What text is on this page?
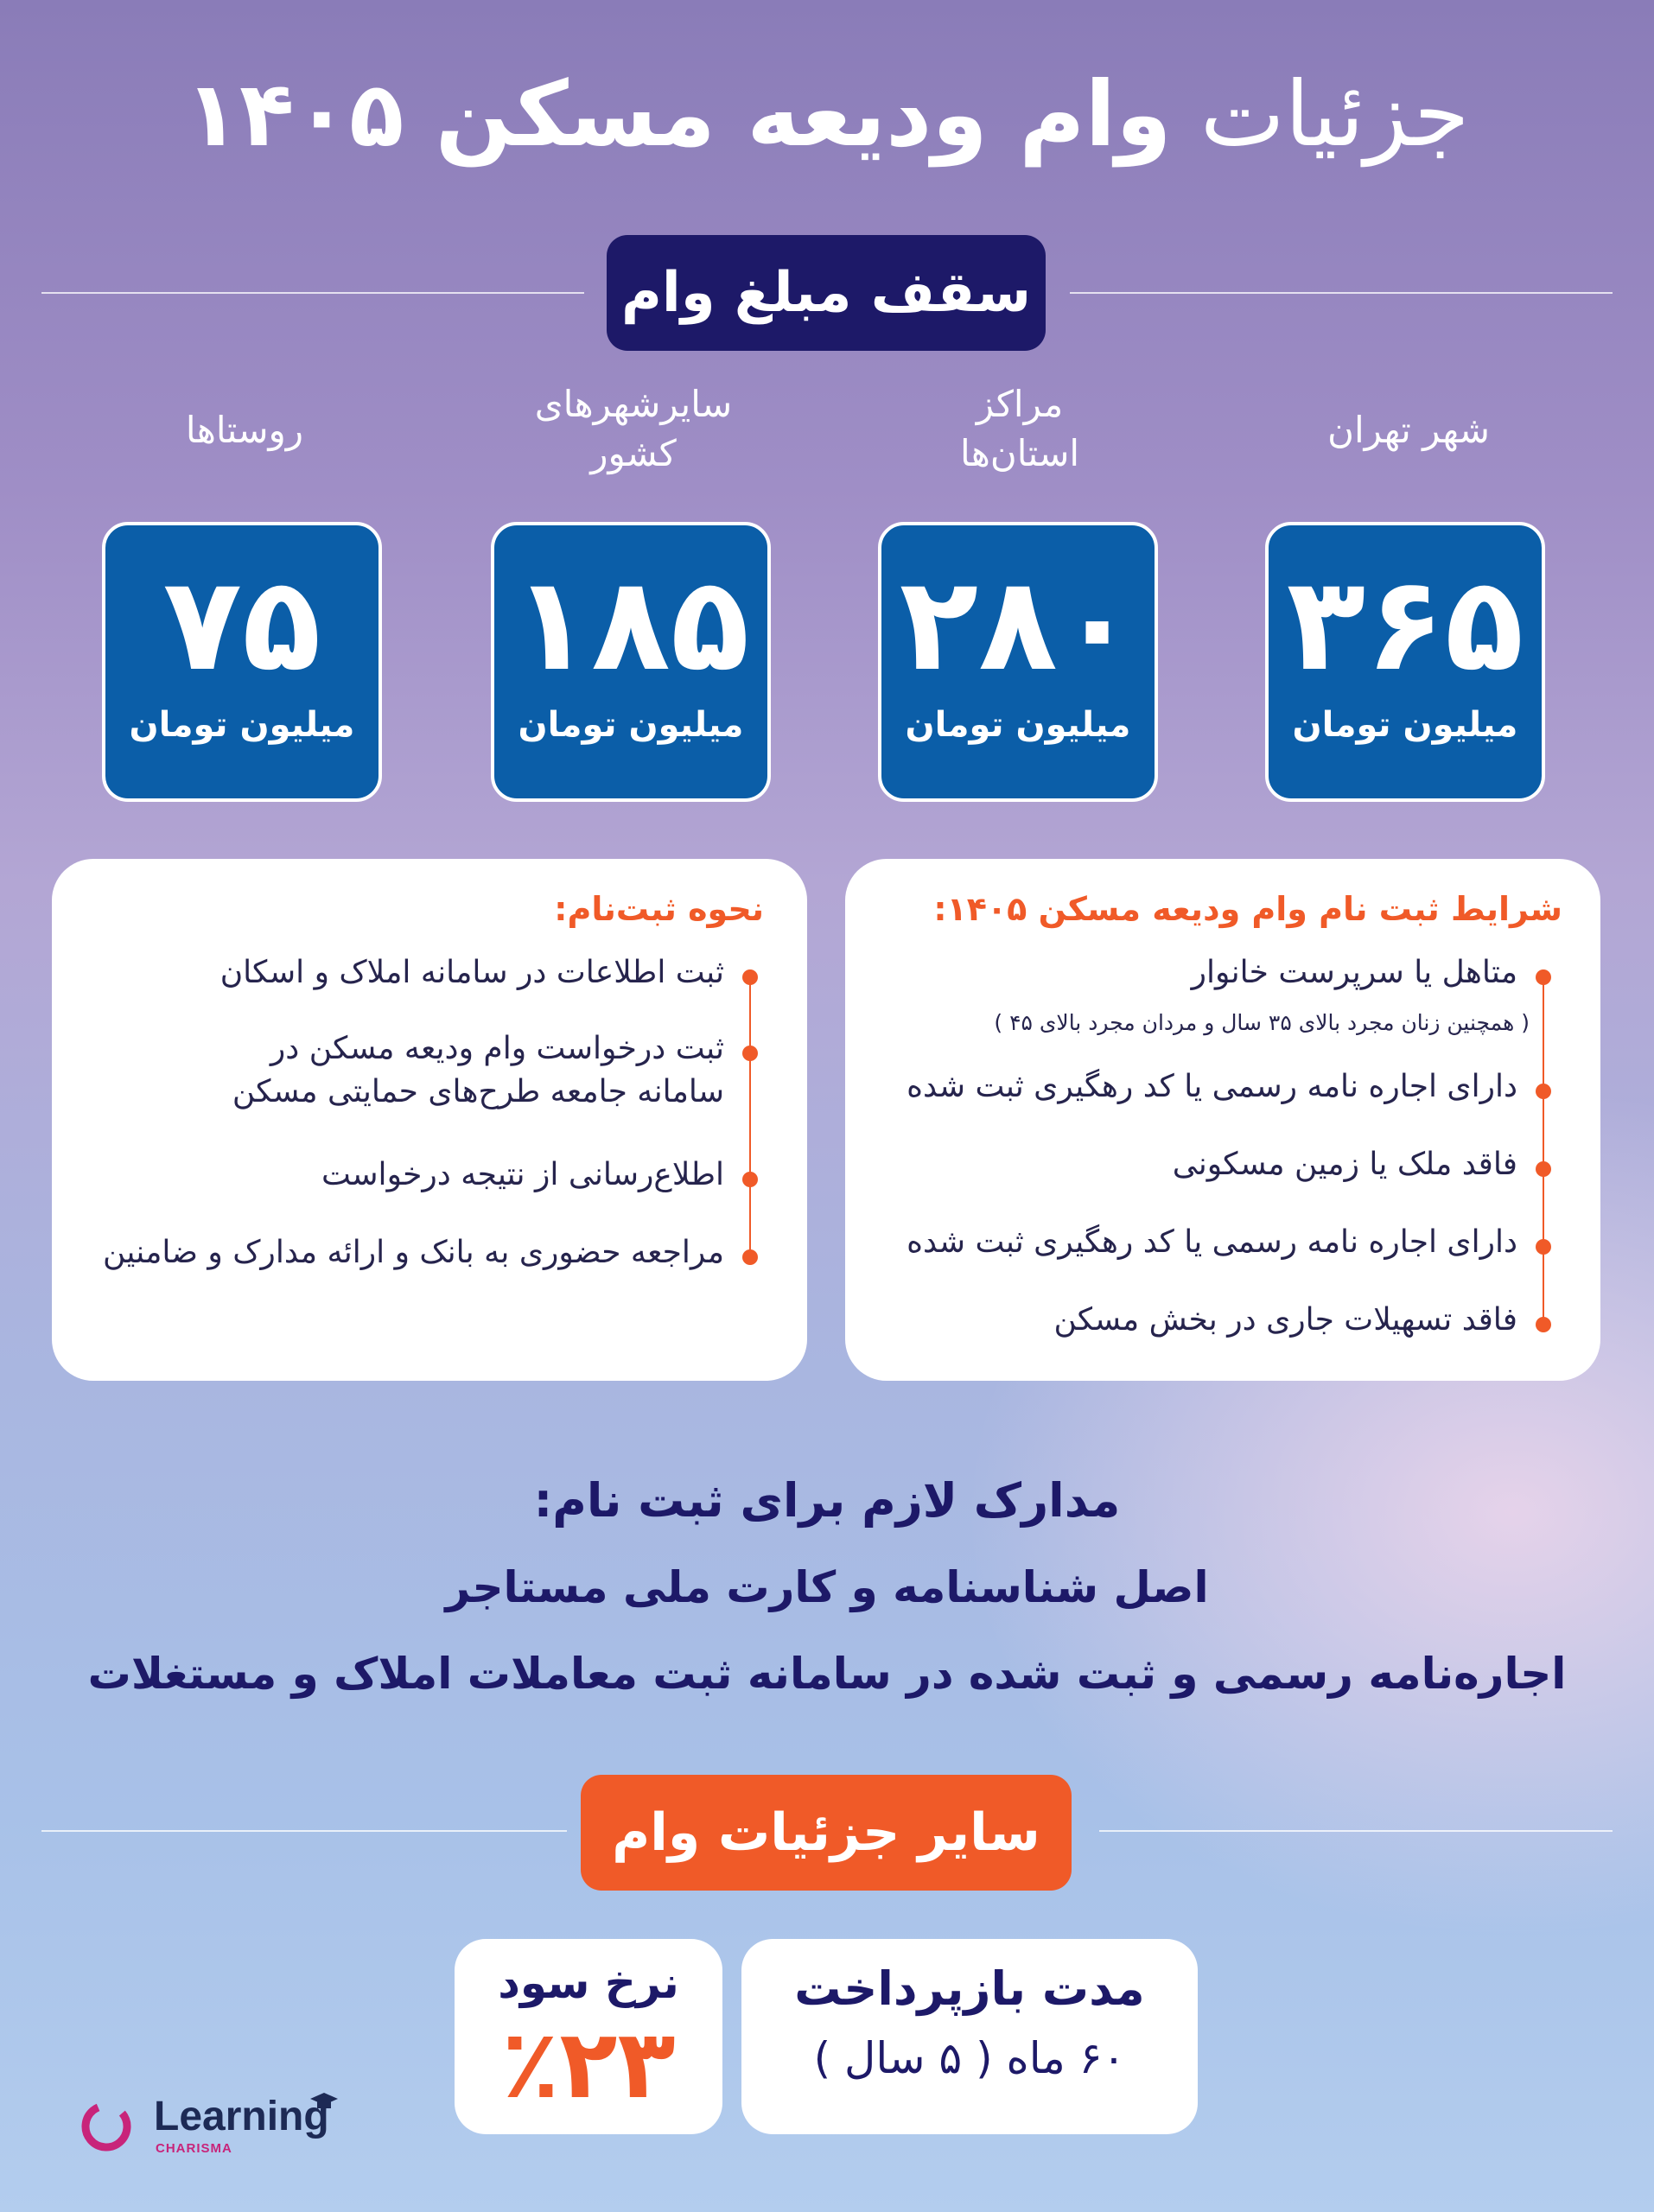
جزئیات وام ودیعه مسکن ۱۴۰۵
سقف مبلغ وام
شهر تهران
مراکز
استان‌ها
سایرشهرهای
کشور
روستاها
۳۶۵
میلیون تومان
۲۸۰
میلیون تومان
۱۸۵
میلیون تومان
۷۵
میلیون تومان
شرایط ثبت نام وام ودیعه مسکن ۱۴۰۵:
متاهل یا سرپرست خانوار
( همچنین زنان مجرد بالای ۳۵ سال و مردان مجرد بالای ۴۵ )
دارای اجاره نامه رسمی یا کد رهگیری ثبت شده
فاقد ملک یا زمین مسکونی
دارای اجاره نامه رسمی یا کد رهگیری ثبت شده
فاقد تسهیلات جاری در بخش مسکن
نحوه ثبت‌نام:
ثبت اطلاعات در سامانه املاک و اسکان
ثبت درخواست وام ودیعه مسکن در
سامانه جامعه طرح‌های حمایتی مسکن
اطلاع‌رسانی از نتیجه درخواست
مراجعه حضوری به بانک و ارائه مدارک و ضامنین
مدارک لازم برای ثبت نام:
اصل شناسنامه و کارت ملی مستاجر
اجاره‌نامه رسمی و ثبت شده در سامانه ثبت معاملات املاک و مستغلات
سایر جزئیات وام
مدت بازپرداخت
۶۰ ماه ( ۵ سال )
نرخ سود
٪۲۳
Learning
CHARISMA
